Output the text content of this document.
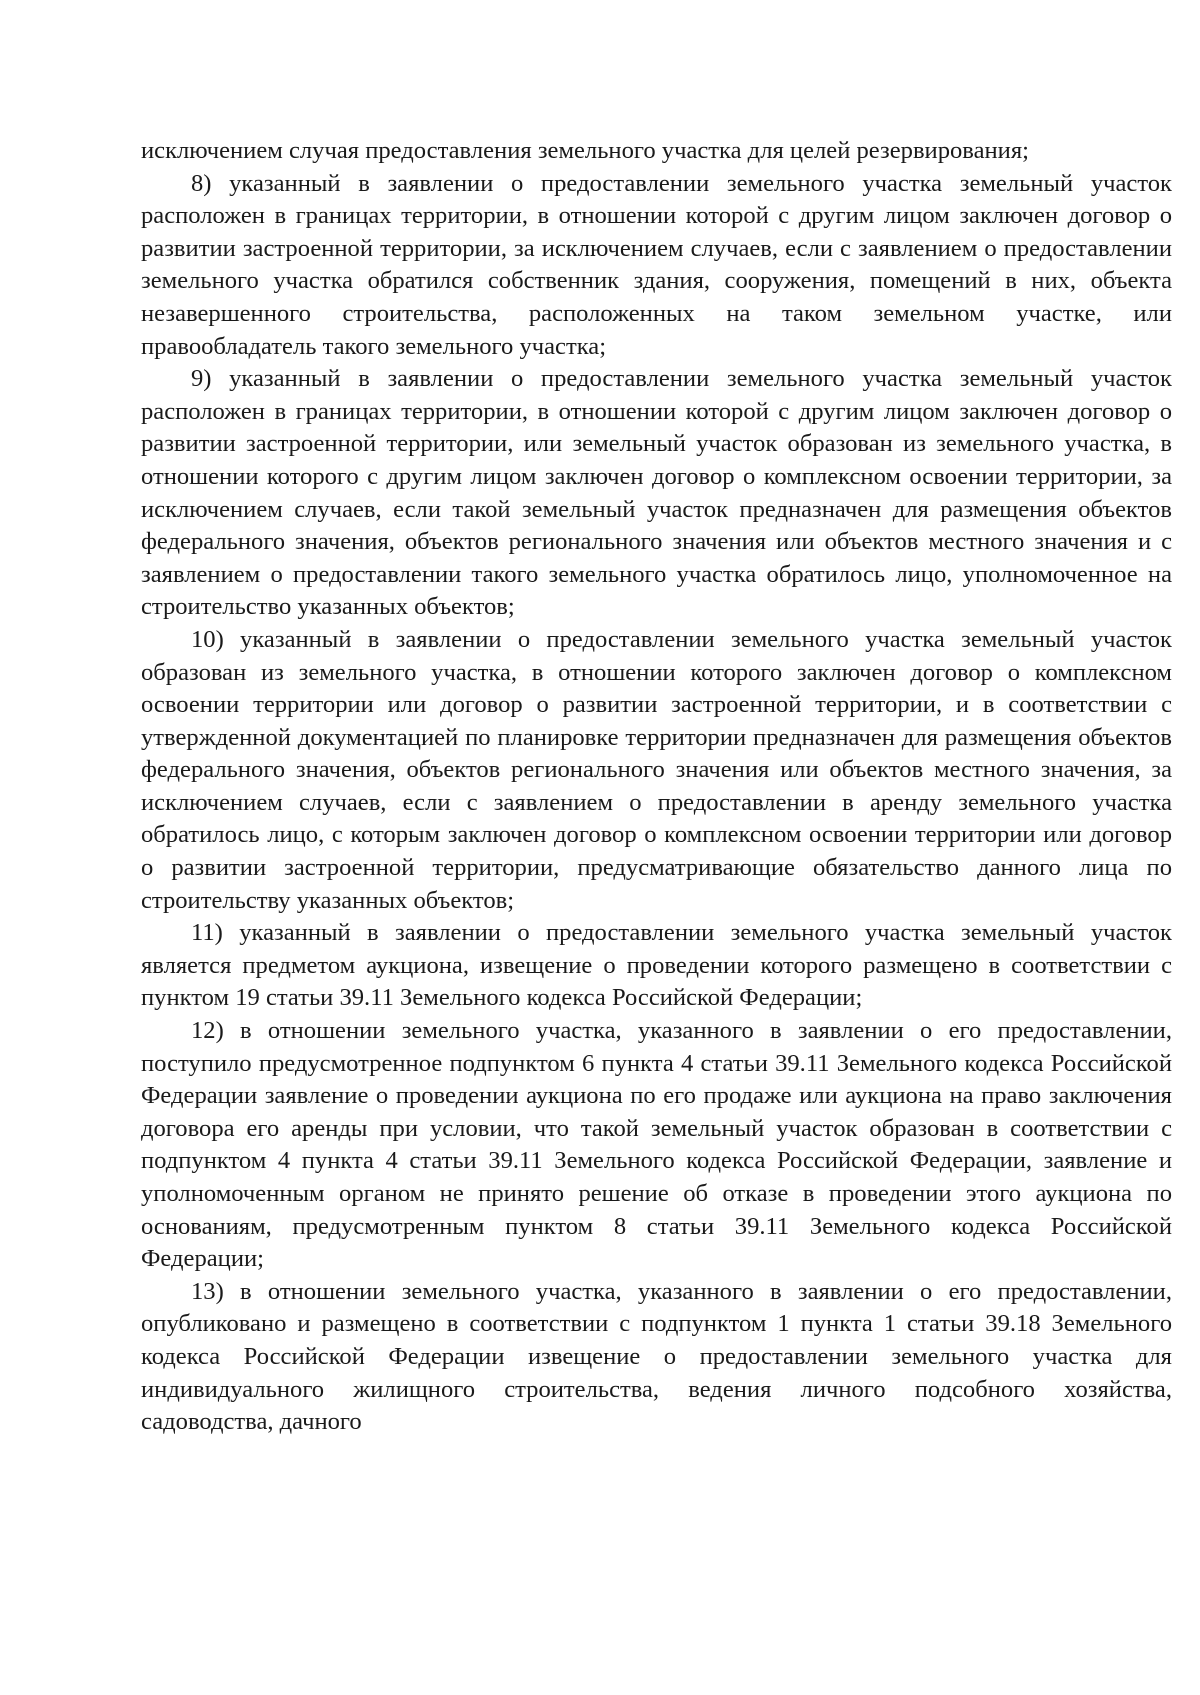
исключением случая предоставления земельного участка для целей резервирования;

8) указанный в заявлении о предоставлении земельного участка земельный участок расположен в границах территории, в отношении которой с другим лицом заключен договор о развитии застроенной территории, за исключением случаев, если с заявлением о предоставлении земельного участка обратился собственник здания, сооружения, помещений в них, объекта незавершенного строительства, расположенных на таком земельном участке, или правообладатель такого земельного участка;

9) указанный в заявлении о предоставлении земельного участка земельный участок расположен в границах территории, в отношении которой с другим лицом заключен договор о развитии застроенной территории, или земельный участок образован из земельного участка, в отношении которого с другим лицом заключен договор о комплексном освоении территории, за исключением случаев, если такой земельный участок предназначен для размещения объектов федерального значения, объектов регионального значения или объектов местного значения и с заявлением о предоставлении такого земельного участка обратилось лицо, уполномоченное на строительство указанных объектов;

10) указанный в заявлении о предоставлении земельного участка земельный участок образован из земельного участка, в отношении которого заключен договор о комплексном освоении территории или договор о развитии застроенной территории, и в соответствии с утвержденной документацией по планировке территории предназначен для размещения объектов федерального значения, объектов регионального значения или объектов местного значения, за исключением случаев, если с заявлением о предоставлении в аренду земельного участка обратилось лицо, с которым заключен договор о комплексном освоении территории или договор о развитии застроенной территории, предусматривающие обязательство данного лица по строительству указанных объектов;

11) указанный в заявлении о предоставлении земельного участка земельный участок является предметом аукциона, извещение о проведении которого размещено в соответствии с пунктом 19 статьи 39.11 Земельного кодекса Российской Федерации;

12) в отношении земельного участка, указанного в заявлении о его предоставлении, поступило предусмотренное подпунктом 6 пункта 4 статьи 39.11 Земельного кодекса Российской Федерации заявление о проведении аукциона по его продаже или аукциона на право заключения договора его аренды при условии, что такой земельный участок образован в соответствии с подпунктом 4 пункта 4 статьи 39.11 Земельного кодекса Российской Федерации, заявление и уполномоченным органом не принято решение об отказе в проведении этого аукциона по основаниям, предусмотренным пунктом 8 статьи 39.11 Земельного кодекса Российской Федерации;

13) в отношении земельного участка, указанного в заявлении о его предоставлении, опубликовано и размещено в соответствии с подпунктом 1 пункта 1 статьи 39.18 Земельного кодекса Российской Федерации извещение о предоставлении земельного участка для индивидуального жилищного строительства, ведения личного подсобного хозяйства, садоводства, дачного
